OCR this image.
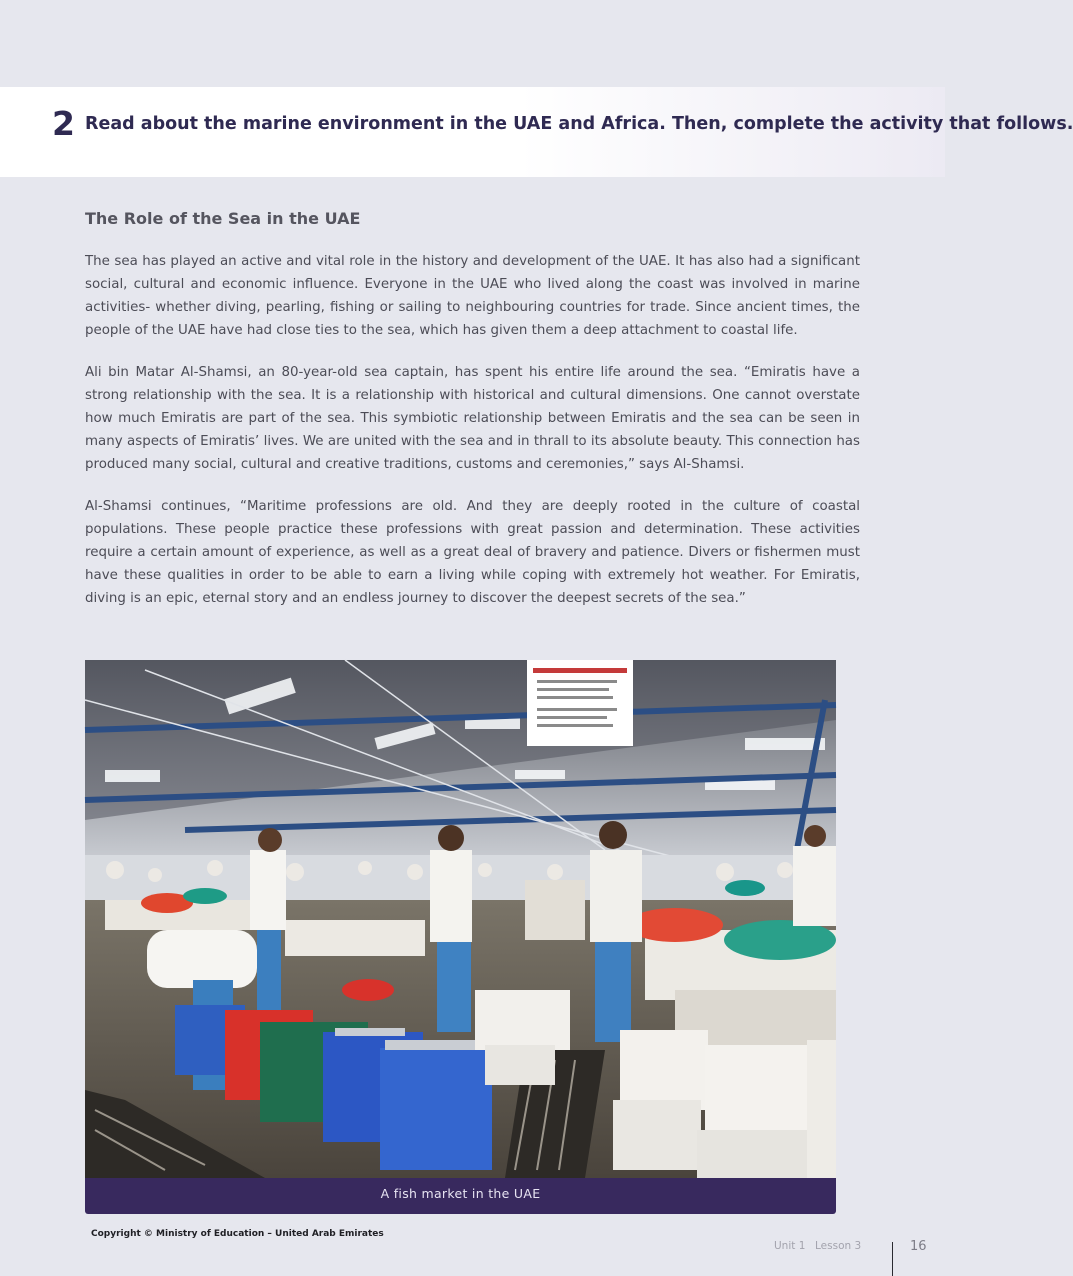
2 Read about the marine environment in the UAE and Africa. Then, complete the activity that follows.
The Role of the Sea in the UAE

The sea has played an active and vital role in the history and development of the UAE. It has also had a significant social, cultural and economic influence. Everyone in the UAE who lived along the coast was involved in marine activities- whether diving, pearling, fishing or sailing to neighbouring countries for trade. Since ancient times, the people of the UAE have had close ties to the sea, which has given them a deep attachment to coastal life.

Ali bin Matar Al-Shamsi, an 80-year-old sea captain, has spent his entire life around the sea. “Emiratis have a strong relationship with the sea. It is a relationship with historical and cultural dimensions. One cannot overstate how much Emiratis are part of the sea. This symbiotic relationship between Emiratis and the sea can be seen in many aspects of Emiratis’ lives. We are united with the sea and in thrall to its absolute beauty. This connection has produced many social, cultural and creative traditions, customs and ceremonies,” says Al-Shamsi.

Al-Shamsi continues, “Maritime professions are old. And they are deeply rooted in the culture of coastal populations. These people practice these professions with great passion and determination. These activities require a certain amount of experience, as well as a great deal of bravery and patience. Divers or fishermen must have these qualities in order to be able to earn a living while coping with extremely hot weather. For Emiratis, diving is an epic, eternal story and an endless journey to discover the deepest secrets of the sea.”

A fish market in the UAE
Copyright © Ministry of Education – United Arab Emirates
Unit 1 Lesson 3	16
